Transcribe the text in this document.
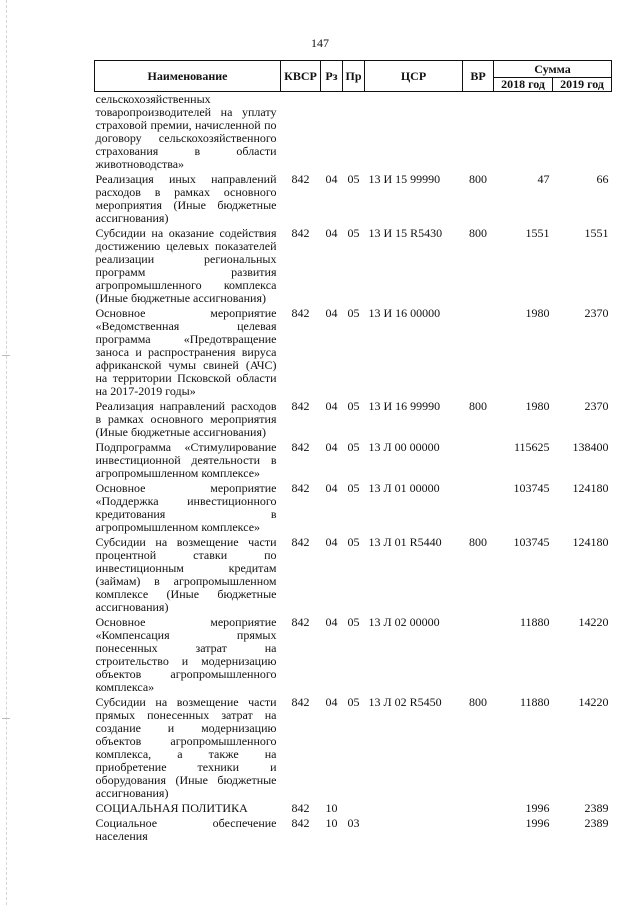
147
Наименование	КВСР	Рз	Пр	ЦСР	ВР	Сумма	
						2018 год	2019 год
сельскохозяйственных товаропроизводителей на уплату страховой премии, начисленной по договору сельскохозяйственного страхования в области животноводства»							
Реализация иных направлений расходов в рамках основного мероприятия (Иные бюджетные ассигнования)	842	04	05	13 И 15 99990	800	47	66
Субсидии на оказание содействия достижению целевых показателей реализации региональных программ развития агропромышленного комплекса (Иные бюджетные ассигнования)	842	04	05	13 И 15 R5430	800	1551	1551
Основное мероприятие «Ведомственная целевая программа «Предотвращение заноса и распространения вируса африканской чумы свиней (АЧС) на территории Псковской области на 2017-2019 годы»	842	04	05	13 И 16 00000		1980	2370
Реализация направлений расходов в рамках основного мероприятия (Иные бюджетные ассигнования)	842	04	05	13 И 16 99990	800	1980	2370
Подпрограмма «Стимулирование инвестиционной деятельности в агропромышленном комплексе»	842	04	05	13 Л 00 00000		115625	138400
Основное мероприятие «Поддержка инвестиционного кредитования в агропромышленном комплексе»	842	04	05	13 Л 01 00000		103745	124180
Субсидии на возмещение части процентной ставки по инвестиционным кредитам (займам) в агропромышленном комплексе (Иные бюджетные ассигнования)	842	04	05	13 Л 01 R5440	800	103745	124180
Основное мероприятие «Компенсация прямых понесенных затрат на строительство и модернизацию объектов агропромышленного комплекса»	842	04	05	13 Л 02 00000		11880	14220
Субсидии на возмещение части прямых понесенных затрат на создание и модернизацию объектов агропромышленного комплекса, а также на приобретение техники и оборудования (Иные бюджетные ассигнования)	842	04	05	13 Л 02 R5450	800	11880	14220
СОЦИАЛЬНАЯ ПОЛИТИКА	842	10				1996	2389
Социальное обеспечение населения	842	10	03			1996	2389
